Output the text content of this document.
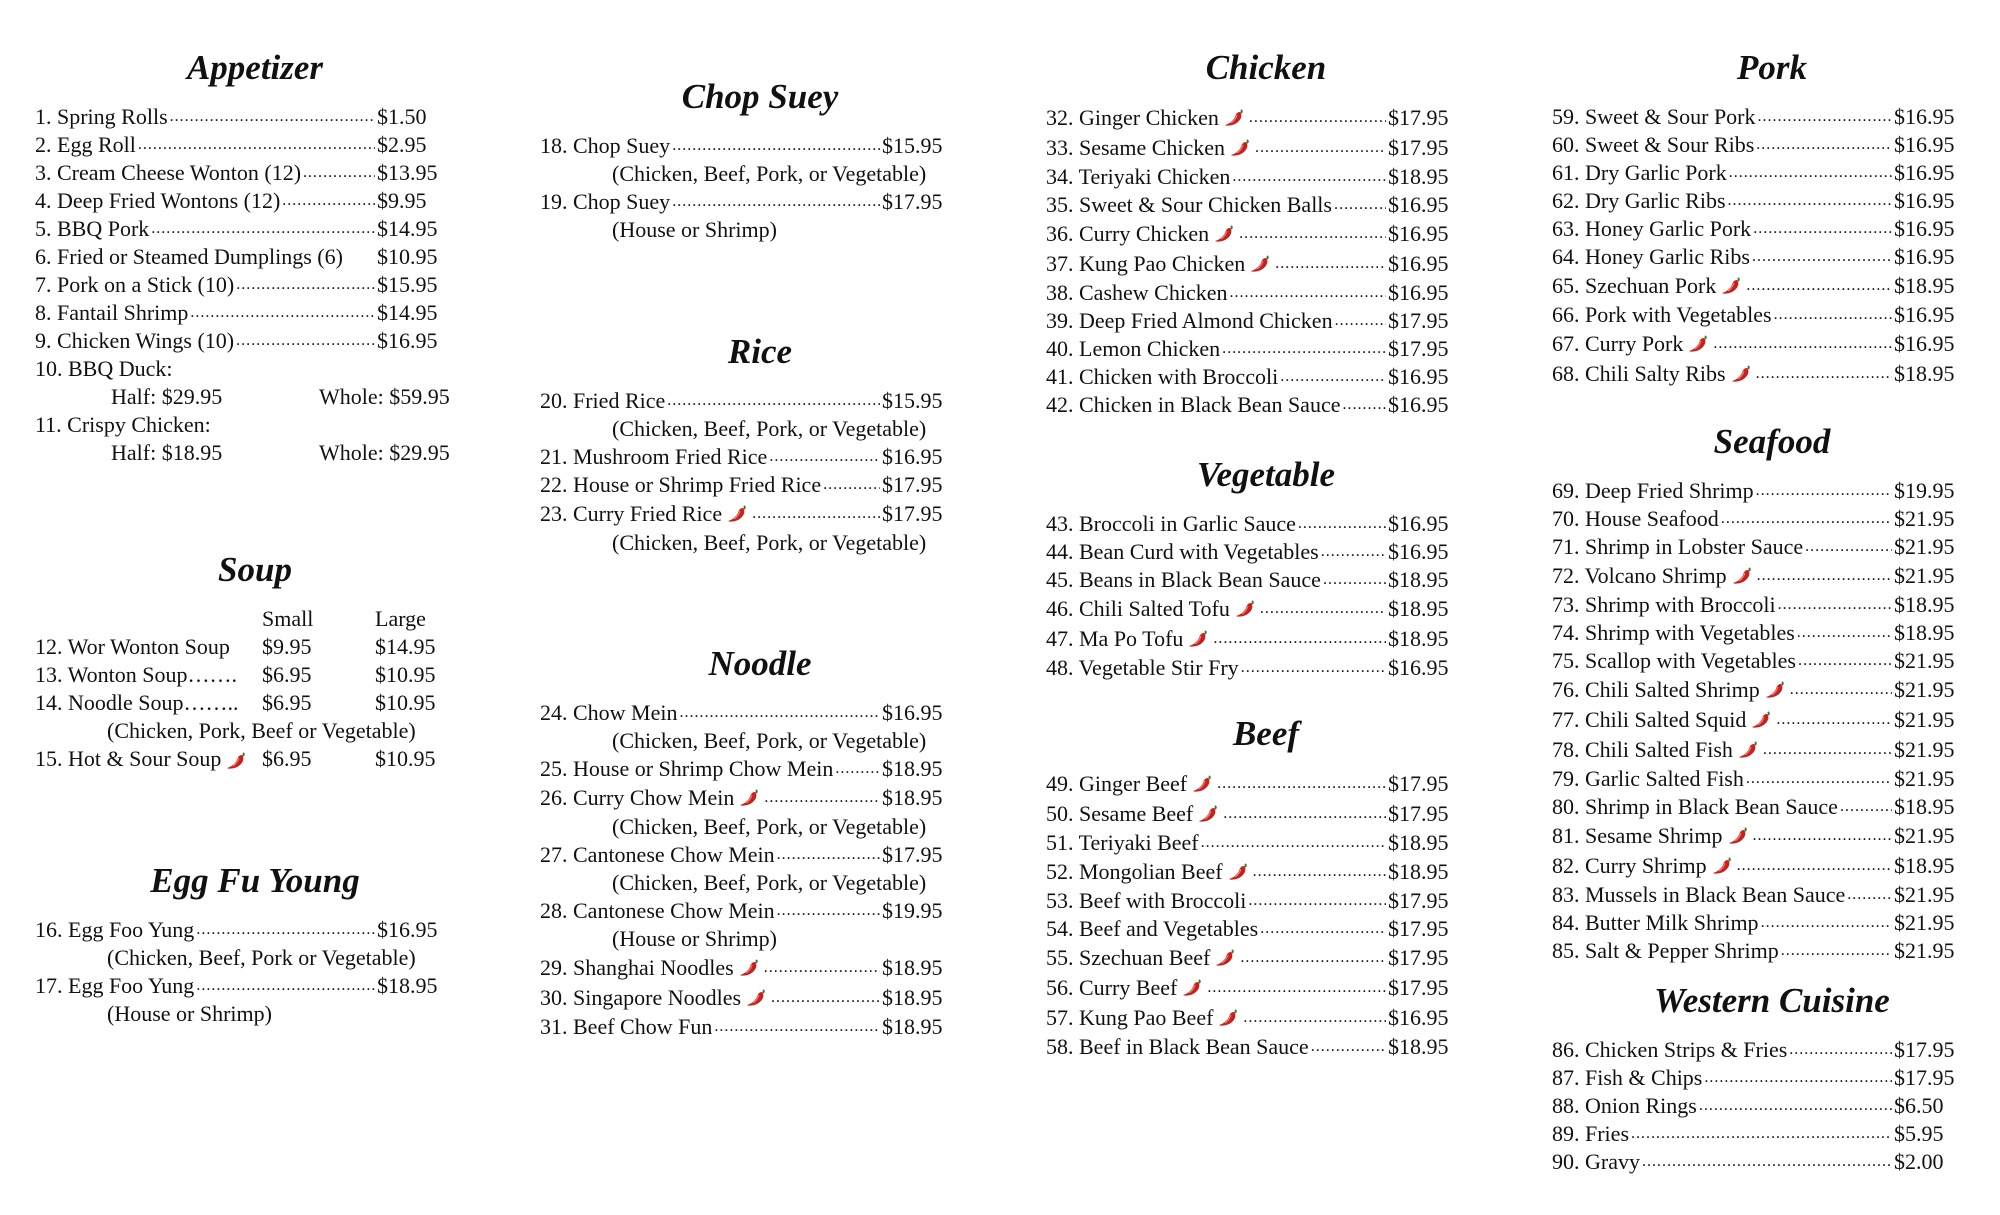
Appetizer
1. Spring Rolls .....	$1.50
2. Egg Roll .....	$2.95
3. Cream Cheese Wonton (12) .....	$13.95
4. Deep Fried Wontons (12) .....	$9.95
5. BBQ Pork .....	$14.95
6. Fried or Steamed Dumplings (6) $10.95
7. Pork on a Stick (10) .....	$15.95
8. Fantail Shrimp .....	$14.95
9. Chicken Wings (10) .....	$16.95
10. BBQ Duck:
Half: $29.95	Whole: $59.95
11. Crispy Chicken:
Half: $18.95	Whole: $29.95
Soup
Small	Large
12. Wor Wonton Soup $9.95	$14.95
13. Wonton Soup……. $6.95	$10.95
14. Noodle Soup…….. $6.95	$10.95
(Chicken, Pork, Beef or Vegetable)
15. Hot & Sour Soup $6.95	$10.95
Egg Fu Young
16. Egg Foo Yung .....	$16.95
(Chicken, Beef, Pork or Vegetable)
17. Egg Foo Yung .....	$18.95
(House or Shrimp)
Chop Suey
18. Chop Suey .....	$15.95
(Chicken, Beef, Pork, or Vegetable)
19. Chop Suey .....	$17.95
(House or Shrimp)
Rice
20. Fried Rice .....	$15.95
(Chicken, Beef, Pork, or Vegetable)
21. Mushroom Fried Rice .....	$16.95
22. House or Shrimp Fried Rice .....	$17.95
23. Curry Fried Rice .....	$17.95
(Chicken, Beef, Pork, or Vegetable)
Noodle
24. Chow Mein .....	$16.95
(Chicken, Beef, Pork, or Vegetable)
25. House or Shrimp Chow Mein ..... $18.95
26. Curry Chow Mein .....	$18.95
(Chicken, Beef, Pork, or Vegetable)
27. Cantonese Chow Mein .....	$17.95
(Chicken, Beef, Pork, or Vegetable)
28. Cantonese Chow Mein .....	$19.95
(House or Shrimp)
29. Shanghai Noodles .....	$18.95
30. Singapore Noodles .....	$18.95
31. Beef Chow Fun .....	$18.95
Chicken
32. Ginger Chicken .....	$17.95
33. Sesame Chicken .....	$17.95
34. Teriyaki Chicken .....	$18.95
35. Sweet & Sour Chicken Balls .....	$16.95
36. Curry Chicken .....	$16.95
37. Kung Pao Chicken .....	$16.95
38. Cashew Chicken .....	$16.95
39. Deep Fried Almond Chicken .....	$17.95
40. Lemon Chicken .....	$17.95
41. Chicken with Broccoli .....	$16.95
42. Chicken in Black Bean Sauce ..... $16.95
Vegetable
43. Broccoli in Garlic Sauce .....	$16.95
44. Bean Curd with Vegetables .....	$16.95
45. Beans in Black Bean Sauce .....	$18.95
46. Chili Salted Tofu .....	$18.95
47. Ma Po Tofu .....	$18.95
48. Vegetable Stir Fry .....	$16.95
Beef
49. Ginger Beef .....	$17.95
50. Sesame Beef .....	$17.95
51. Teriyaki Beef .....	$18.95
52. Mongolian Beef .....	$18.95
53. Beef with Broccoli .....	$17.95
54. Beef and Vegetables .....	$17.95
55. Szechuan Beef .....	$17.95
56. Curry Beef .....	$17.95
57. Kung Pao Beef .....	$16.95
58. Beef in Black Bean Sauce .....	$18.95
Pork
59. Sweet & Sour Pork .....	$16.95
60. Sweet & Sour Ribs .....	$16.95
61. Dry Garlic Pork .....	$16.95
62. Dry Garlic Ribs .....	$16.95
63. Honey Garlic Pork .....	$16.95
64. Honey Garlic Ribs .....	$16.95
65. Szechuan Pork .....	$18.95
66. Pork with Vegetables .....	$16.95
67. Curry Pork .....	$16.95
68. Chili Salty Ribs .....	$18.95
Seafood
69. Deep Fried Shrimp .....	$19.95
70. House Seafood .....	$21.95
71. Shrimp in Lobster Sauce .....	$21.95
72. Volcano Shrimp .....	$21.95
73. Shrimp with Broccoli .....	$18.95
74. Shrimp with Vegetables .....	$18.95
75. Scallop with Vegetables .....	$21.95
76. Chili Salted Shrimp .....	$21.95
77. Chili Salted Squid .....	$21.95
78. Chili Salted Fish .....	$21.95
79. Garlic Salted Fish .....	$21.95
80. Shrimp in Black Bean Sauce .....	$18.95
81. Sesame Shrimp .....	$21.95
82. Curry Shrimp .....	$18.95
83. Mussels in Black Bean Sauce ..... $21.95
84. Butter Milk Shrimp .....	$21.95
85. Salt & Pepper Shrimp .....	$21.95
Western Cuisine
86. Chicken Strips & Fries .....	$17.95
87. Fish & Chips .....	$17.95
88. Onion Rings .....	$6.50
89. Fries .....	$5.95
90. Gravy .....	$2.00
